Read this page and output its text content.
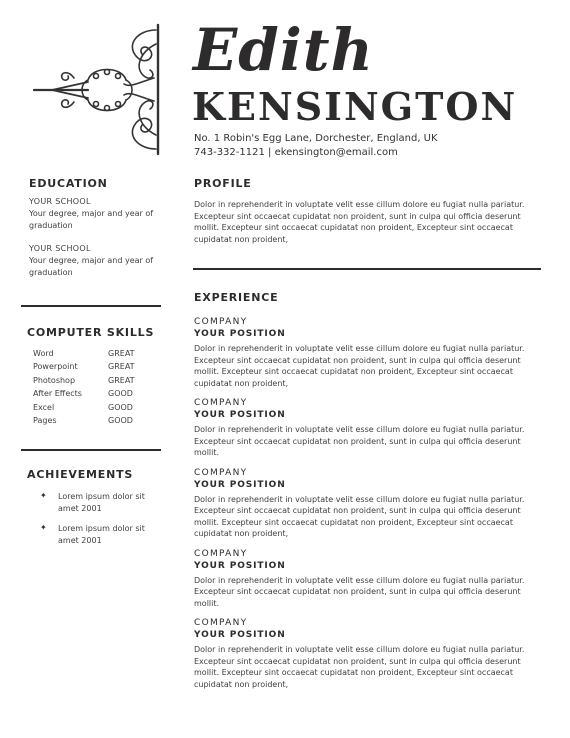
Edith
KENSINGTON
No. 1 Robin's Egg Lane, Dorchester, England, UK
743-332-1121 | ekensington@email.com
EDUCATION
YOUR SCHOOL
Your degree, major and year of graduation
YOUR SCHOOL
Your degree, major and year of graduation
COMPUTER SKILLS
Word	GREAT
Powerpoint	GREAT
Photoshop	GREAT
After Effects	GOOD
Excel	GOOD
Pages	GOOD
ACHIEVEMENTS
✦ Lorem ipsum dolor sit amet 2001
✦ Lorem ipsum dolor sit amet 2001
PROFILE
Dolor in reprehenderit in voluptate velit esse cillum dolore eu fugiat nulla pariatur. Excepteur sint occaecat cupidatat non proident, sunt in culpa qui officia deserunt mollit. Excepteur sint occaecat cupidatat non proident, Excepteur sint occaecat cupidatat non proident,
EXPERIENCE
COMPANY
YOUR POSITION
Dolor in reprehenderit in voluptate velit esse cillum dolore eu fugiat nulla pariatur. Excepteur sint occaecat cupidatat non proident, sunt in culpa qui officia deserunt mollit. Excepteur sint occaecat cupidatat non proident, Excepteur sint occaecat cupidatat non proident,
COMPANY
YOUR POSITION
Dolor in reprehenderit in voluptate velit esse cillum dolore eu fugiat nulla pariatur. Excepteur sint occaecat cupidatat non proident, sunt in culpa qui officia deserunt mollit.
COMPANY
YOUR POSITION
Dolor in reprehenderit in voluptate velit esse cillum dolore eu fugiat nulla pariatur. Excepteur sint occaecat cupidatat non proident, sunt in culpa qui officia deserunt mollit. Excepteur sint occaecat cupidatat non proident, Excepteur sint occaecat cupidatat non proident,
COMPANY
YOUR POSITION
Dolor in reprehenderit in voluptate velit esse cillum dolore eu fugiat nulla pariatur. Excepteur sint occaecat cupidatat non proident, sunt in culpa qui officia deserunt mollit.
COMPANY
YOUR POSITION
Dolor in reprehenderit in voluptate velit esse cillum dolore eu fugiat nulla pariatur. Excepteur sint occaecat cupidatat non proident, sunt in culpa qui officia deserunt mollit. Excepteur sint occaecat cupidatat non proident, Excepteur sint occaecat cupidatat non proident,
